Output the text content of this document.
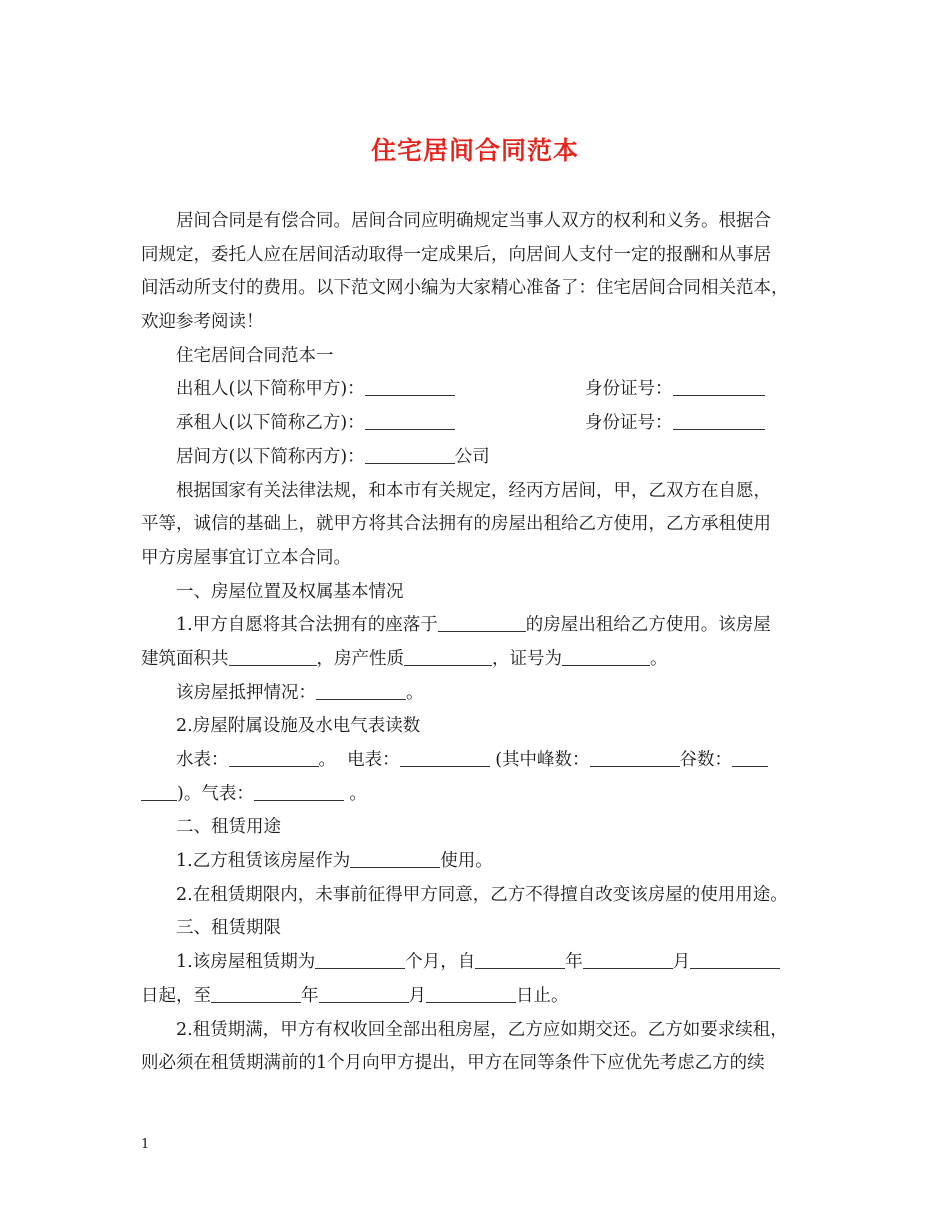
住宅居间合同范本
居间合同是有偿合同。居间合同应明确规定当事人双方的权利和义务。根据合
同规定，委托人应在居间活动取得一定成果后，向居间人支付一定的报酬和从事居
间活动所支付的费用。以下范文网小编为大家精心准备了：住宅居间合同相关范本，
欢迎参考阅读！
住宅居间合同范本一
出租人(以下简称甲方)：	身份证号：
承租人(以下简称乙方)：	身份证号：
居间方(以下简称丙方)：	公司
根据国家有关法律法规，和本市有关规定，经丙方居间，甲，乙双方在自愿，
平等，诚信的基础上，就甲方将其合法拥有的房屋出租给乙方使用，乙方承租使用
甲方房屋事宜订立本合同。
一、房屋位置及权属基本情况
1.甲方自愿将其合法拥有的座落于	的房屋出租给乙方使用。该房屋
建筑面积共	，房产性质	，证号为	。
该房屋抵押情况：	。
2.房屋附属设施及水电气表读数
水表：	。 电表：	(其中峰数：	谷数：
)。气表：	。
二、租赁用途
1.乙方租赁该房屋作为	使用。
2.在租赁期限内，未事前征得甲方同意，乙方不得擅自改变该房屋的使用用途。
三、租赁期限
1.该房屋租赁期为	个月，自	年	月
日起，至	年	月	日止。
2.租赁期满，甲方有权收回全部出租房屋，乙方应如期交还。乙方如要求续租，
则必须在租赁期满前的1个月向甲方提出，甲方在同等条件下应优先考虑乙方的续
1
